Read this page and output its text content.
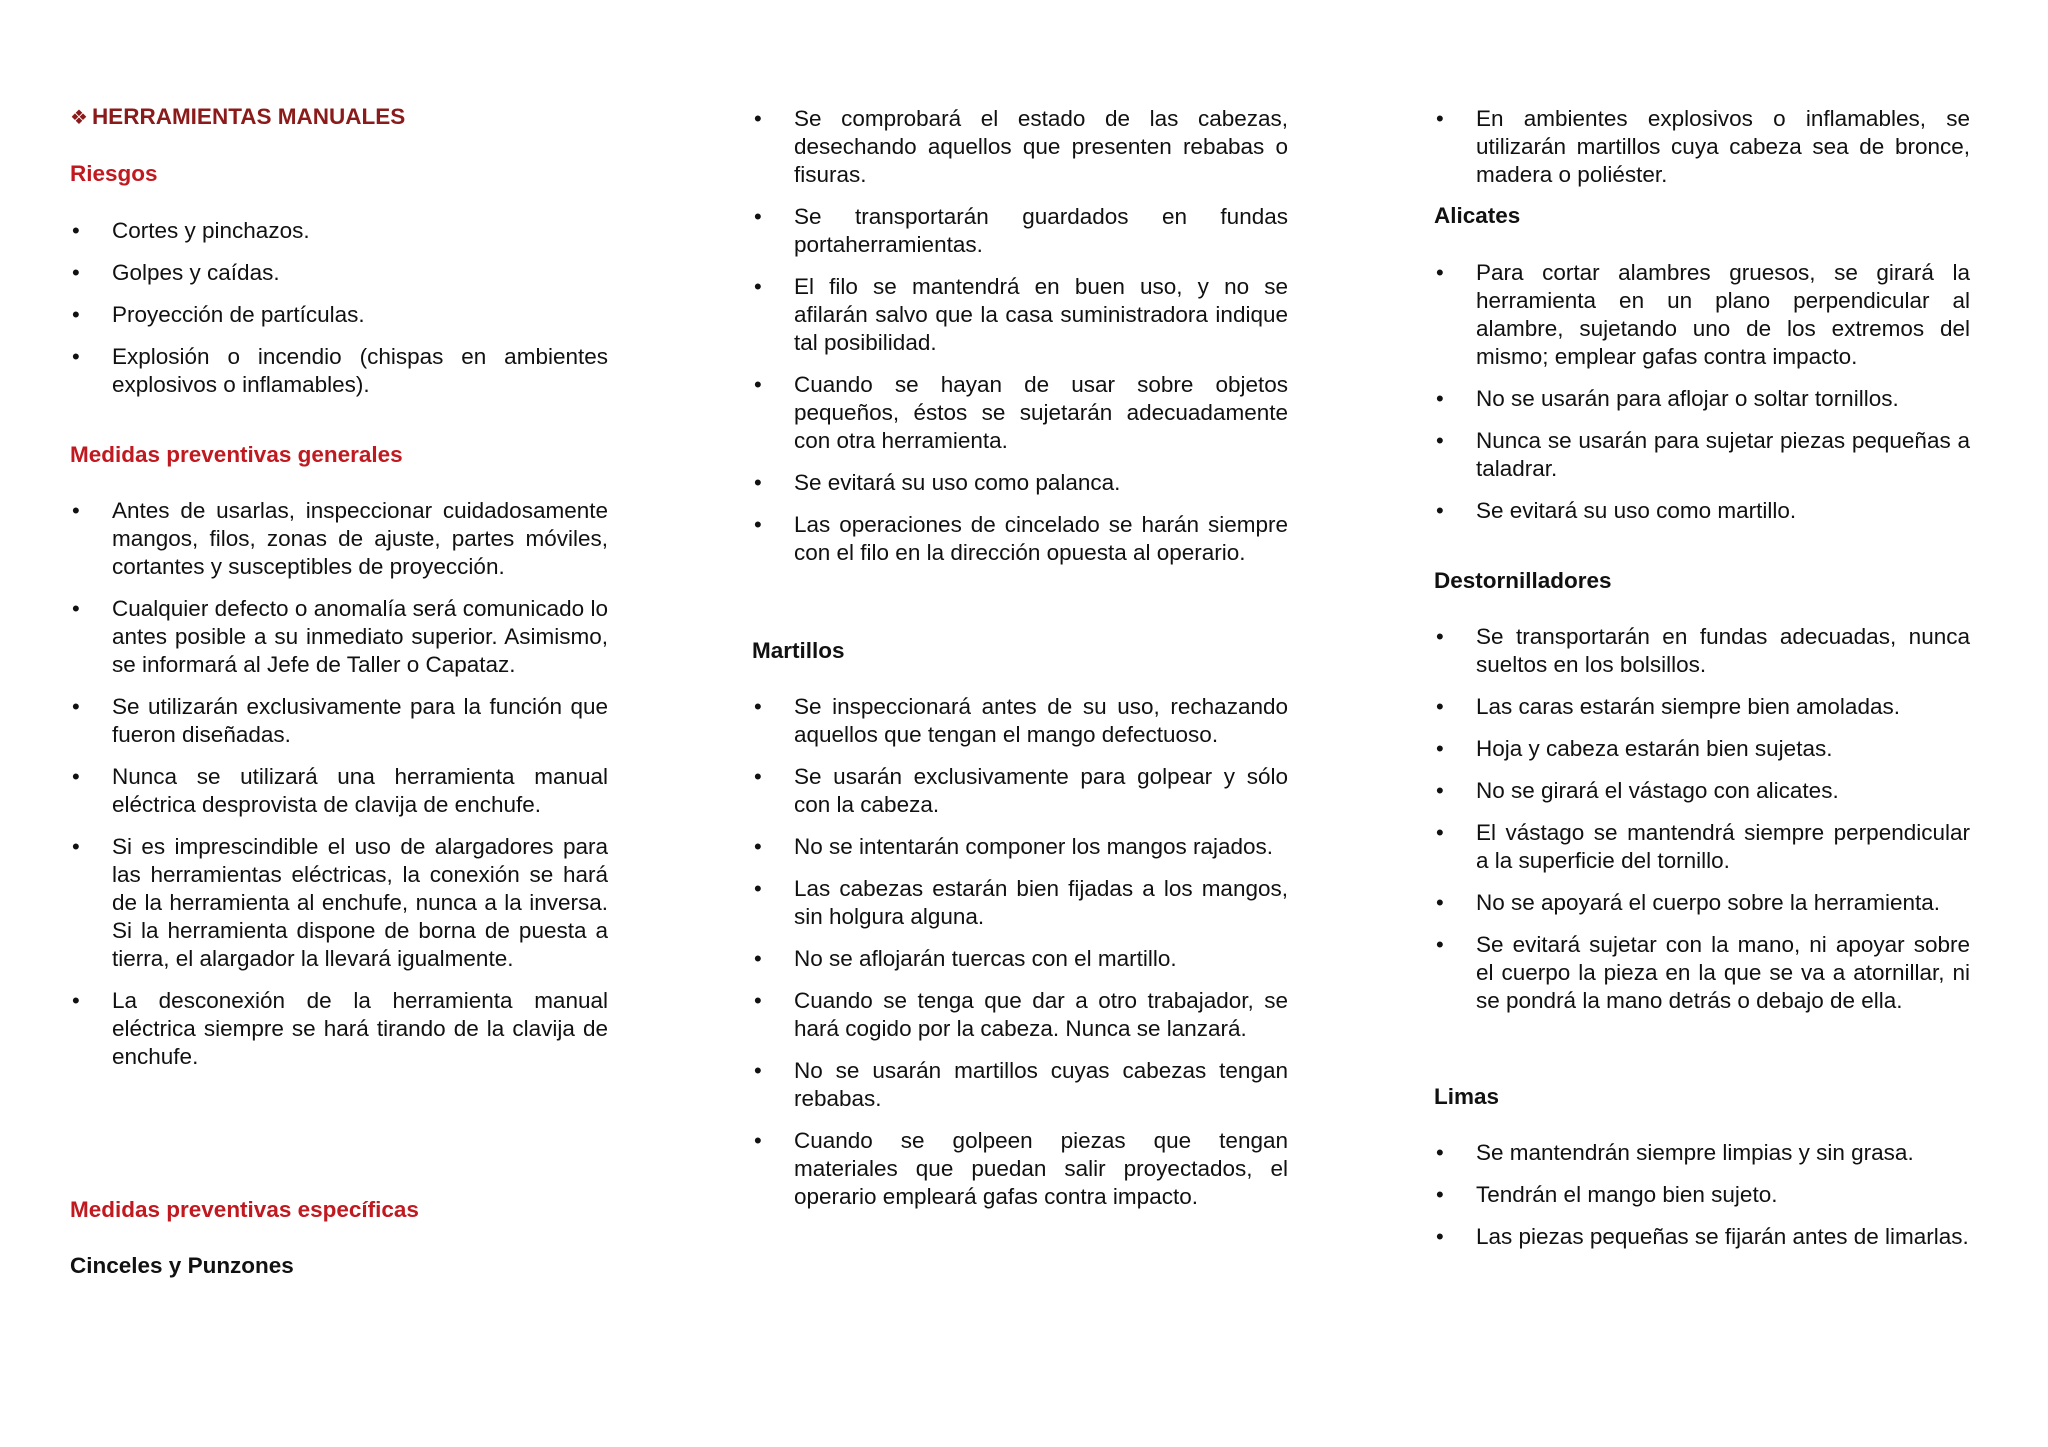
❖ HERRAMIENTAS MANUALES
Riesgos
• Cortes y pinchazos.
• Golpes y caídas.
• Proyección de partículas.
• Explosión o incendio (chispas en ambientes explosivos o inflamables).
Medidas preventivas generales
• Antes de usarlas, inspeccionar cuidadosamente mangos, filos, zonas de ajuste, partes móviles, cortantes y susceptibles de proyección.
• Cualquier defecto o anomalía será comunicado lo antes posible a su inmediato superior. Asimismo, se informará al Jefe de Taller o Capataz.
• Se utilizarán exclusivamente para la función que fueron diseñadas.
• Nunca se utilizará una herramienta manual eléctrica desprovista de clavija de enchufe.
• Si es imprescindible el uso de alargadores para las herramientas eléctricas, la conexión se hará de la herramienta al enchufe, nunca a la inversa. Si la herramienta dispone de borna de puesta a tierra, el alargador la llevará igualmente.
• La desconexión de la herramienta manual eléctrica siempre se hará tirando de la clavija de enchufe.
Medidas preventivas específicas
Cinceles y Punzones
• Se comprobará el estado de las cabezas, desechando aquellos que presenten rebabas o fisuras.
• Se transportarán guardados en fundas portaherramientas.
• El filo se mantendrá en buen uso, y no se afilarán salvo que la casa suministradora indique tal posibilidad.
• Cuando se hayan de usar sobre objetos pequeños, éstos se sujetarán adecuadamente con otra herramienta.
• Se evitará su uso como palanca.
• Las operaciones de cincelado se harán siempre con el filo en la dirección opuesta al operario.
Martillos
• Se inspeccionará antes de su uso, rechazando aquellos que tengan el mango defectuoso.
• Se usarán exclusivamente para golpear y sólo con la cabeza.
• No se intentarán componer los mangos rajados.
• Las cabezas estarán bien fijadas a los mangos, sin holgura alguna.
• No se aflojarán tuercas con el martillo.
• Cuando se tenga que dar a otro trabajador, se hará cogido por la cabeza. Nunca se lanzará.
• No se usarán martillos cuyas cabezas tengan rebabas.
• Cuando se golpeen piezas que tengan materiales que puedan salir proyectados, el operario empleará gafas contra impacto.
• En ambientes explosivos o inflamables, se utilizarán martillos cuya cabeza sea de bronce, madera o poliéster.
Alicates
• Para cortar alambres gruesos, se girará la herramienta en un plano perpendicular al alambre, sujetando uno de los extremos del mismo; emplear gafas contra impacto.
• No se usarán para aflojar o soltar tornillos.
• Nunca se usarán para sujetar piezas pequeñas a taladrar.
• Se evitará su uso como martillo.
Destornilladores
• Se transportarán en fundas adecuadas, nunca sueltos en los bolsillos.
• Las caras estarán siempre bien amoladas.
• Hoja y cabeza estarán bien sujetas.
• No se girará el vástago con alicates.
• El vástago se mantendrá siempre perpendicular a la superficie del tornillo.
• No se apoyará el cuerpo sobre la herramienta.
• Se evitará sujetar con la mano, ni apoyar sobre el cuerpo la pieza en la que se va a atornillar, ni se pondrá la mano detrás o debajo de ella.
Limas
• Se mantendrán siempre limpias y sin grasa.
• Tendrán el mango bien sujeto.
• Las piezas pequeñas se fijarán antes de limarlas.
